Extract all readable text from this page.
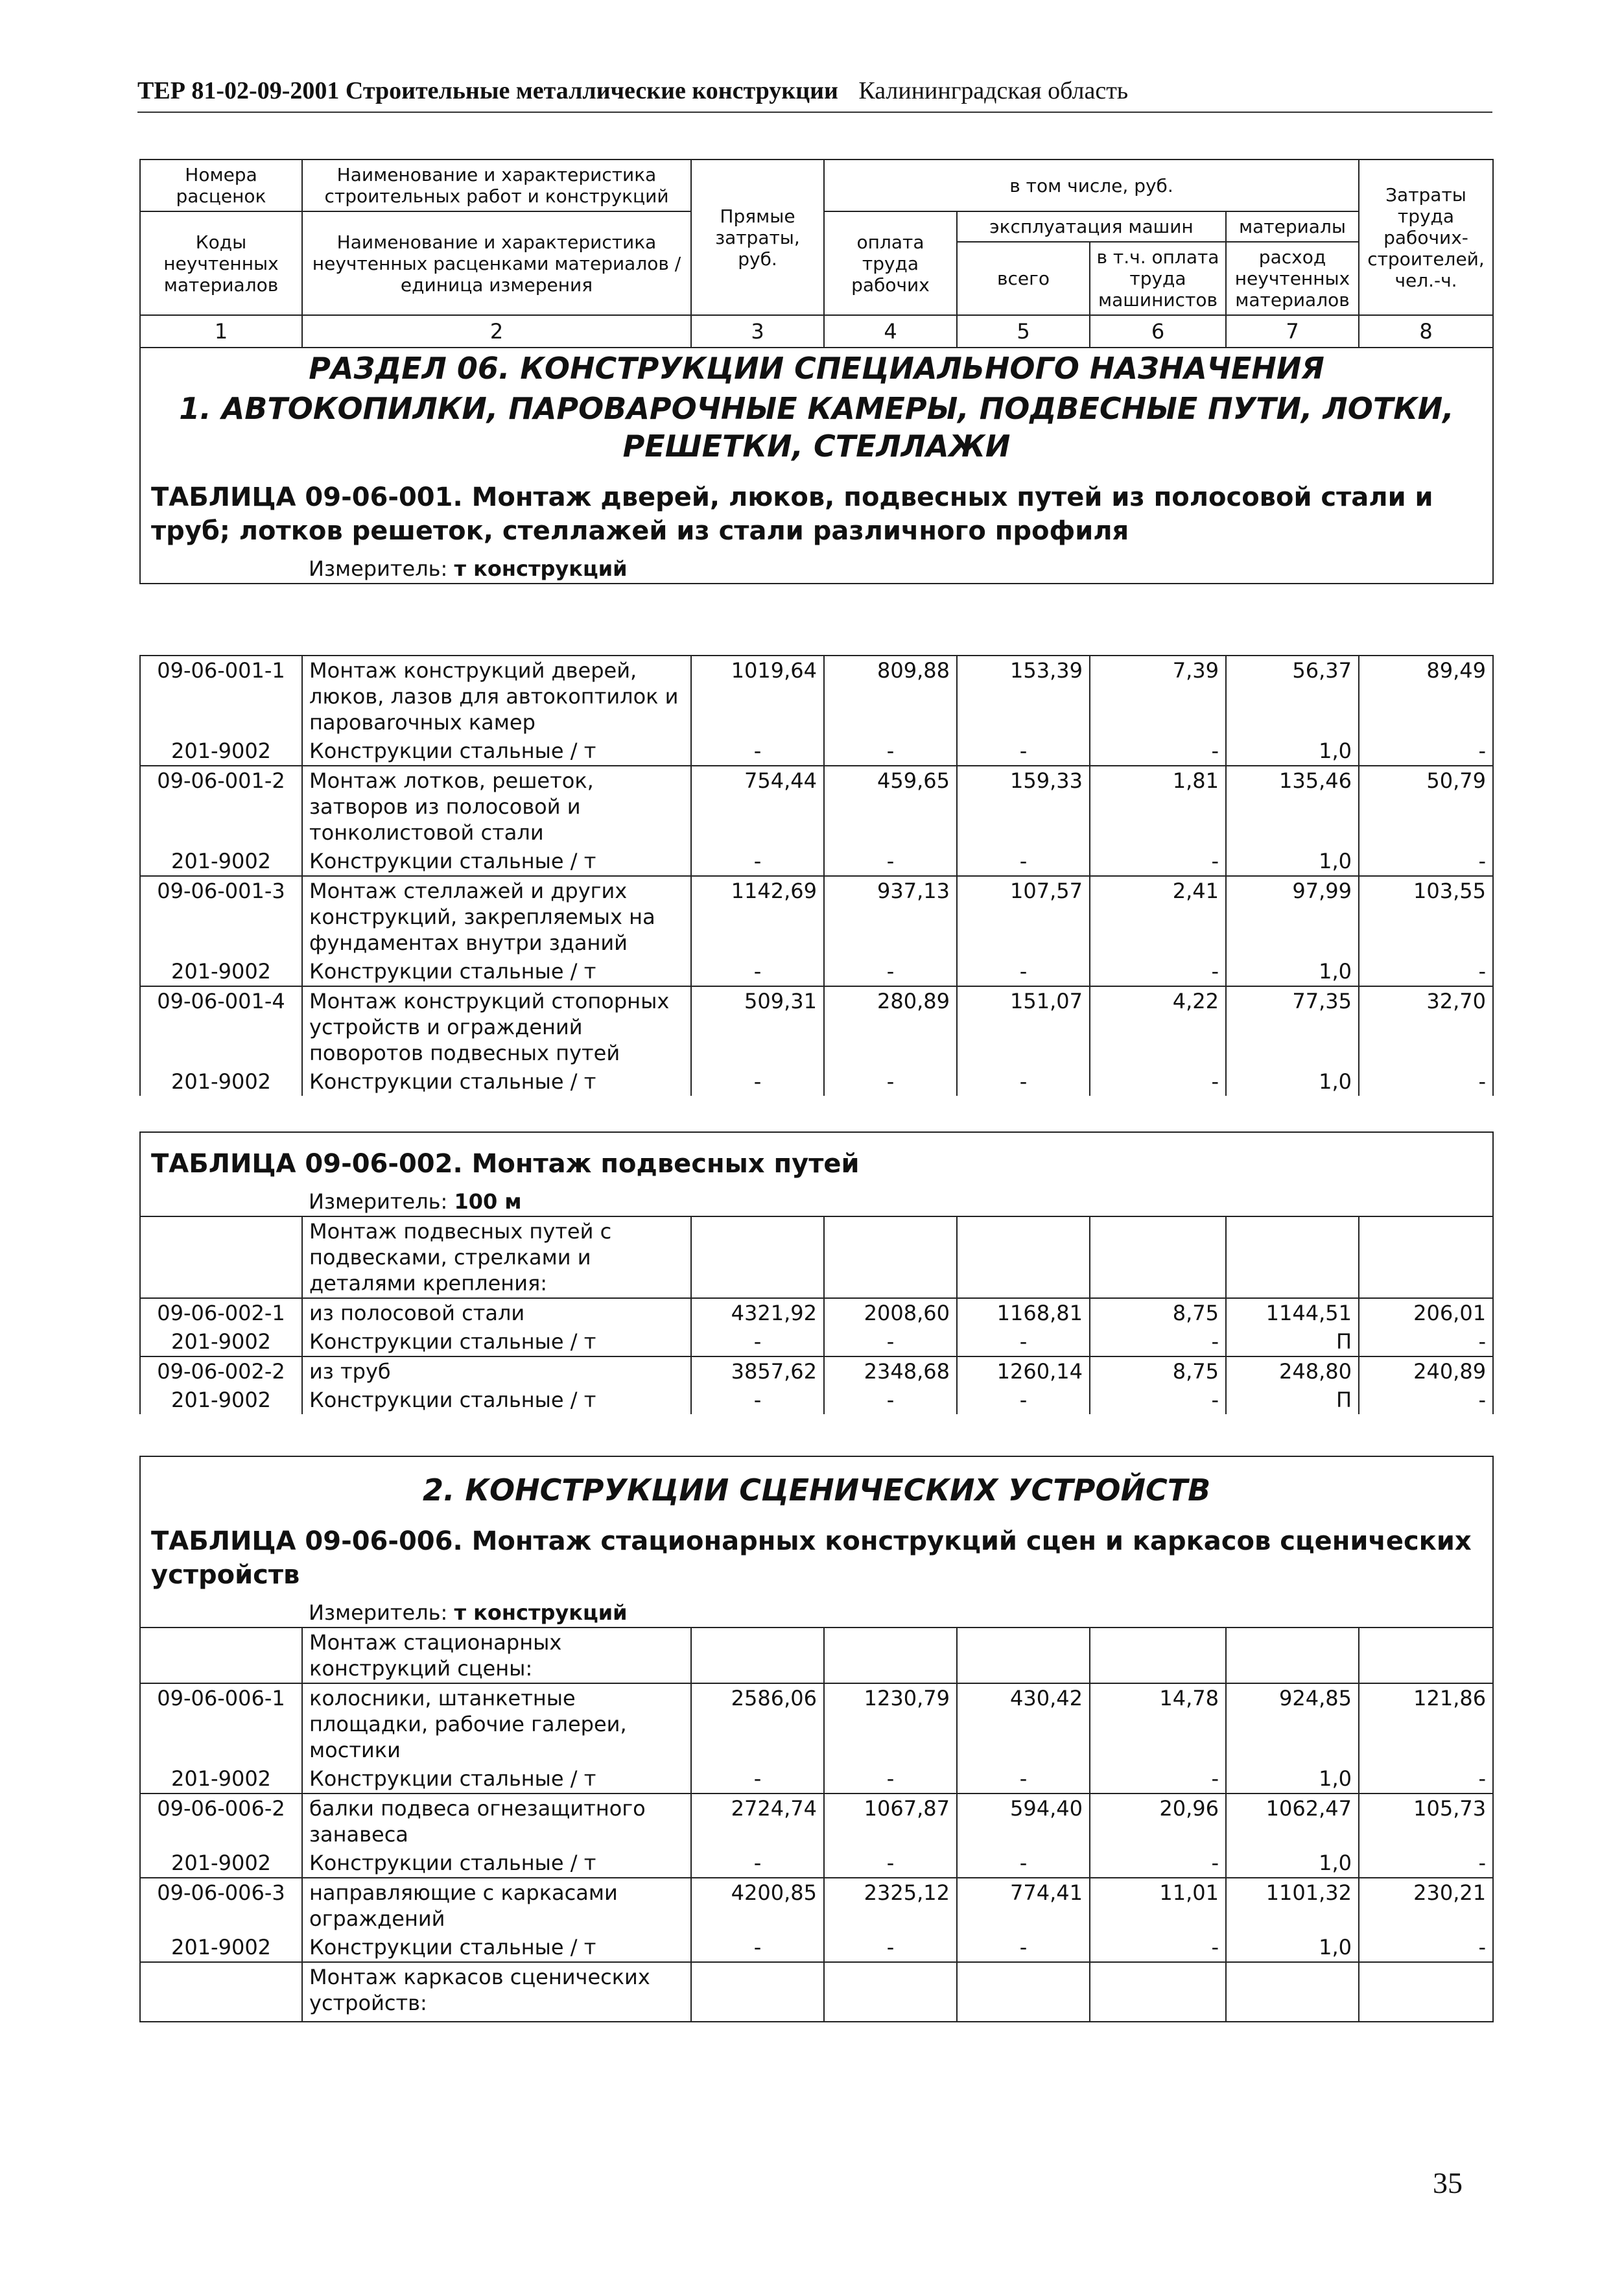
ТЕР 81-02-09-2001 Строительные металлические конструкции Калининградская область
Номера расценок	Наименование и характеристика строительных работ и конструкций	Прямые затраты, руб.	в том числе, руб.				Затраты труда рабочих-строителей, чел.-ч.
Коды неучтенных материалов	Наименование и характеристика неучтенных расценками материалов / единица измерения		оплата труда рабочих	эксплуатация машин		материалы	
				всего	в т.ч. оплата труда машинистов	расход неучтенных материалов	
1	2	3	4	5	6	7	8
РАЗДЕЛ 06. КОНСТРУКЦИИ СПЕЦИАЛЬНОГО НАЗНАЧЕНИЯ							
1. АВТОКОПИЛКИ, ПАРОВАРОЧНЫЕ КАМЕРЫ, ПОДВЕСНЫЕ ПУТИ, ЛОТКИ, РЕШЕТКИ, СТЕЛЛАЖИ							
ТАБЛИЦА 09-06-001. Монтаж дверей, люков, подвесных путей из полосовой стали и труб; лотков решеток, стеллажей из стали различного профиля							
	Измеритель: т конструкций						
09-06-001-1	Монтаж конструкций дверей, люков, лазов для автокоптилок и паровarочных камер	1019,64	809,88	153,39	7,39	56,37	89,49
201-9002	Конструкции стальные / т	-	-	-	-	1,0	-
09-06-001-2	Монтаж лотков, решеток, затворов из полосовой и тонколистовой стали	754,44	459,65	159,33	1,81	135,46	50,79
201-9002	Конструкции стальные / т	-	-	-	-	1,0	-
09-06-001-3	Монтаж стеллажей и других конструкций, закрепляемых на фундаментах внутри зданий	1142,69	937,13	107,57	2,41	97,99	103,55
201-9002	Конструкции стальные / т	-	-	-	-	1,0	-
09-06-001-4	Монтаж конструкций стопорных устройств и ограждений поворотов подвесных путей	509,31	280,89	151,07	4,22	77,35	32,70
201-9002	Конструкции стальные / т	-	-	-	-	1,0	-
ТАБЛИЦА 09-06-002. Монтаж подвесных путей							
	Измеритель: 100 м						
	Монтаж подвесных путей с подвесками, стрелками и деталями крепления:						
09-06-002-1	из полосовой стали	4321,92	2008,60	1168,81	8,75	1144,51	206,01
201-9002	Конструкции стальные / т	-	-	-	-	П	-
09-06-002-2	из труб	3857,62	2348,68	1260,14	8,75	248,80	240,89
201-9002	Конструкции стальные / т	-	-	-	-	П	-
2. КОНСТРУКЦИИ СЦЕНИЧЕСКИХ УСТРОЙСТВ							
ТАБЛИЦА 09-06-006. Монтаж стационарных конструкций сцен и каркасов сценических устройств							
	Измеритель: т конструкций						
	Монтаж стационарных конструкций сцены:						
09-06-006-1	колосники, штанкетные площадки, рабочие галереи, мостики	2586,06	1230,79	430,42	14,78	924,85	121,86
201-9002	Конструкции стальные / т	-	-	-	-	1,0	-
09-06-006-2	балки подвеса огнезащитного занавеса	2724,74	1067,87	594,40	20,96	1062,47	105,73
201-9002	Конструкции стальные / т	-	-	-	-	1,0	-
09-06-006-3	направляющие с каркасами ограждений	4200,85	2325,12	774,41	11,01	1101,32	230,21
201-9002	Конструкции стальные / т	-	-	-	-	1,0	-
	Монтаж каркасов сценических устройств:						
35
